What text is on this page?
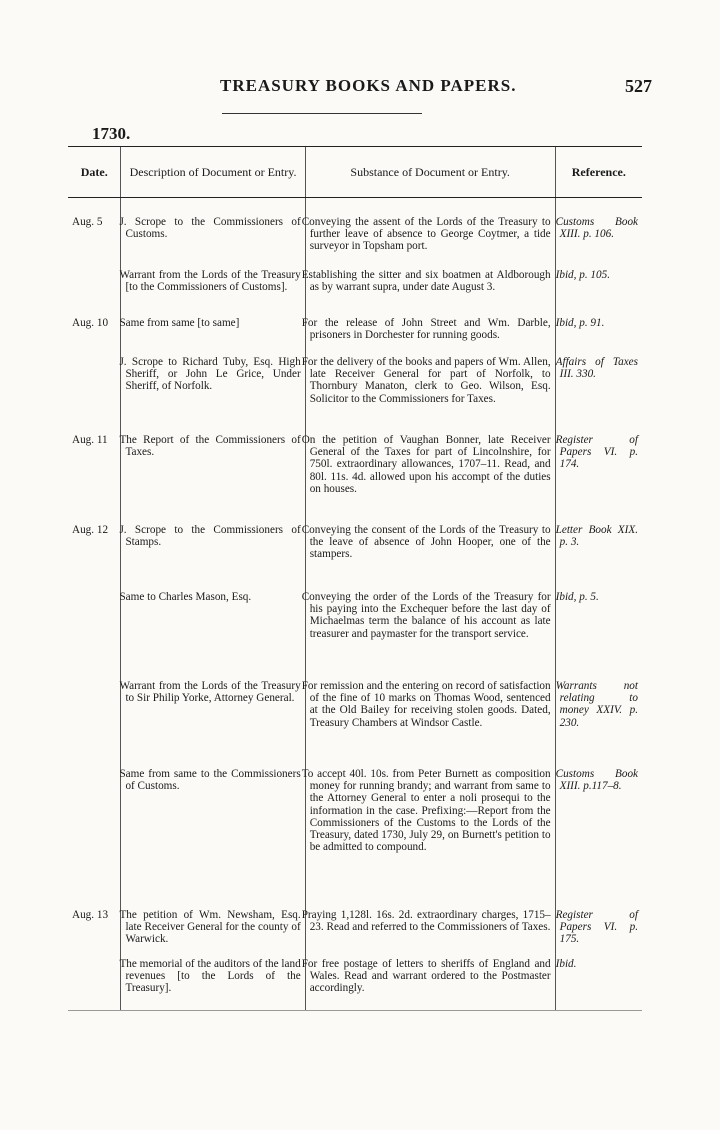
TREASURY BOOKS AND PAPERS.	527
1730.
Date.	Description of Document or Entry.	Substance of Document or Entry.	Reference.

Aug. 5	J. Scrope to the Commissioners of Customs.	Conveying the assent of the Lords of the Treasury to further leave of absence to George Coytmer, a tide surveyor in Topsham port.	Customs Book XIII. p. 106.
	Warrant from the Lords of the Treasury [to the Commissioners of Customs].	Establishing the sitter and six boatmen at Aldborough as by warrant supra, under date August 3.	Ibid, p. 105.
Aug. 10	Same from same [to same]	For the release of John Street and Wm. Darble, prisoners in Dorchester for running goods.	Ibid, p. 91.
	J. Scrope to Richard Tuby, Esq. High Sheriff, or John Le Grice, Under Sheriff, of Norfolk.	For the delivery of the books and papers of Wm. Allen, late Receiver General for part of Norfolk, to Thornbury Manaton, clerk to Geo. Wilson, Esq. Solicitor to the Commissioners for Taxes.	Affairs of Taxes III. 330.
Aug. 11	The Report of the Commissioners of Taxes.	On the petition of Vaughan Bonner, late Receiver General of the Taxes for part of Lincolnshire, for 750l. extraordinary allowances, 1707–11. Read, and 80l. 11s. 4d. allowed upon his accompt of the duties on houses.	Register of Papers VI. p. 174.
Aug. 12	J. Scrope to the Commissioners of Stamps.	Conveying the consent of the Lords of the Treasury to the leave of absence of John Hooper, one of the stampers.	Letter Book XIX. p. 3.
	Same to Charles Mason, Esq.	Conveying the order of the Lords of the Treasury for his paying into the Exchequer before the last day of Michaelmas term the balance of his account as late treasurer and paymaster for the transport service.	Ibid, p. 5.
	Warrant from the Lords of the Treasury to Sir Philip Yorke, Attorney General.	For remission and the entering on record of satisfaction of the fine of 10 marks on Thomas Wood, sentenced at the Old Bailey for receiving stolen goods. Dated, Treasury Chambers at Windsor Castle.	Warrants not relating to money XXIV. p. 230.
	Same from same to the Commissioners of Customs.	To accept 40l. 10s. from Peter Burnett as composition money for running brandy; and warrant from same to the Attorney General to enter a noli prosequi to the information in the case. Prefixing:—Report from the Commissioners of the Customs to the Lords of the Treasury, dated 1730, July 29, on Burnett's petition to be admitted to compound.	Customs Book XIII. p.117–8.
Aug. 13	The petition of Wm. Newsham, Esq. late Receiver General for the county of Warwick.	Praying 1,128l. 16s. 2d. extraordinary charges, 1715–23. Read and referred to the Commissioners of Taxes.	Register of Papers VI. p. 175.
	The memorial of the auditors of the land revenues [to the Lords of the Treasury].	For free postage of letters to sheriffs of England and Wales. Read and warrant ordered to the Postmaster accordingly.	Ibid.
